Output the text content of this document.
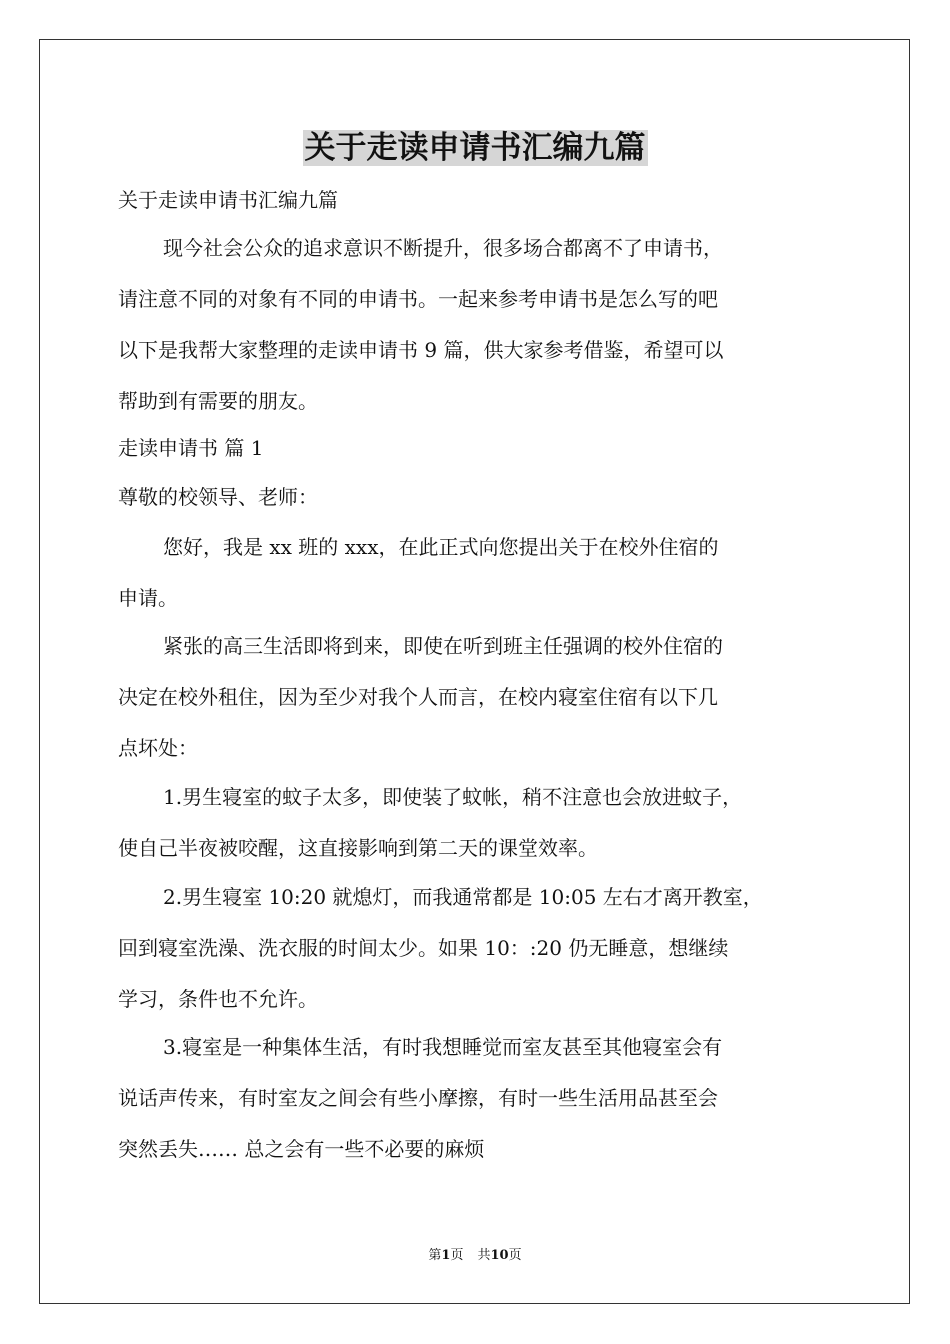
关于走读申请书汇编九篇

关于走读申请书汇编九篇

现今社会公众的追求意识不断提升，很多场合都离不了申请书，
请注意不同的对象有不同的申请书。一起来参考申请书是怎么写的吧
以下是我帮大家整理的走读申请书 9 篇，供大家参考借鉴，希望可以
帮助到有需要的朋友。

走读申请书 篇 1

尊敬的校领导、老师：

您好，我是 xx 班的 xxx，在此正式向您提出关于在校外住宿的
申请。

紧张的高三生活即将到来，即使在听到班主任强调的校外住宿的
决定在校外租住，因为至少对我个人而言，在校内寝室住宿有以下几
点坏处：

1.男生寝室的蚊子太多，即使装了蚊帐，稍不注意也会放进蚊子，
使自己半夜被咬醒，这直接影响到第二天的课堂效率。

2.男生寝室 10:20 就熄灯，而我通常都是 10:05 左右才离开教室，
回到寝室洗澡、洗衣服的时间太少。如果 10：:20 仍无睡意，想继续
学习，条件也不允许。

3.寝室是一种集体生活，有时我想睡觉而室友甚至其他寝室会有
说话声传来，有时室友之间会有些小摩擦，有时一些生活用品甚至会
突然丢失…… 总之会有一些不必要的麻烦

第1页 共10页
